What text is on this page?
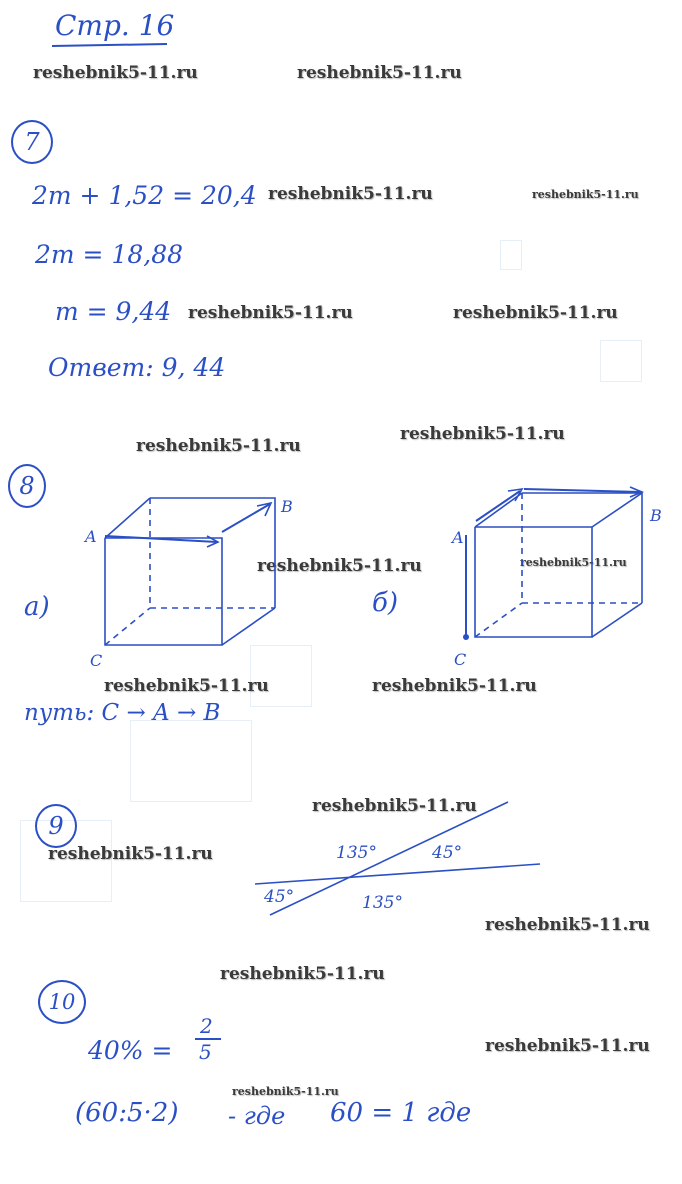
Стр. 16
reshebnik5-11.ru	reshebnik5-11.ru
reshebnik5-11.ru	reshebnik5-11.ru
reshebnik5-11.ru	reshebnik5-11.ru
reshebnik5-11.ru
reshebnik5-11.ru
reshebnik5-11.ru	reshebnik5-11.ru
reshebnik5-11.ru	reshebnik5-11.ru
reshebnik5-11.ru
reshebnik5-11.ru
reshebnik5-11.ru
reshebnik5-11.ru
reshebnik5-11.ru
reshebnik5-11.ru
7
2m + 1,52 = 20,4
2m = 18,88
m = 9,44
Ответ: 9, 44
8
а)	б)
A
B
C
A
B
C
путь: C → A → B
9
135°	45°
45°	135°
10
40% =
2
5
(60:5·2) - где 60 = 1 где
